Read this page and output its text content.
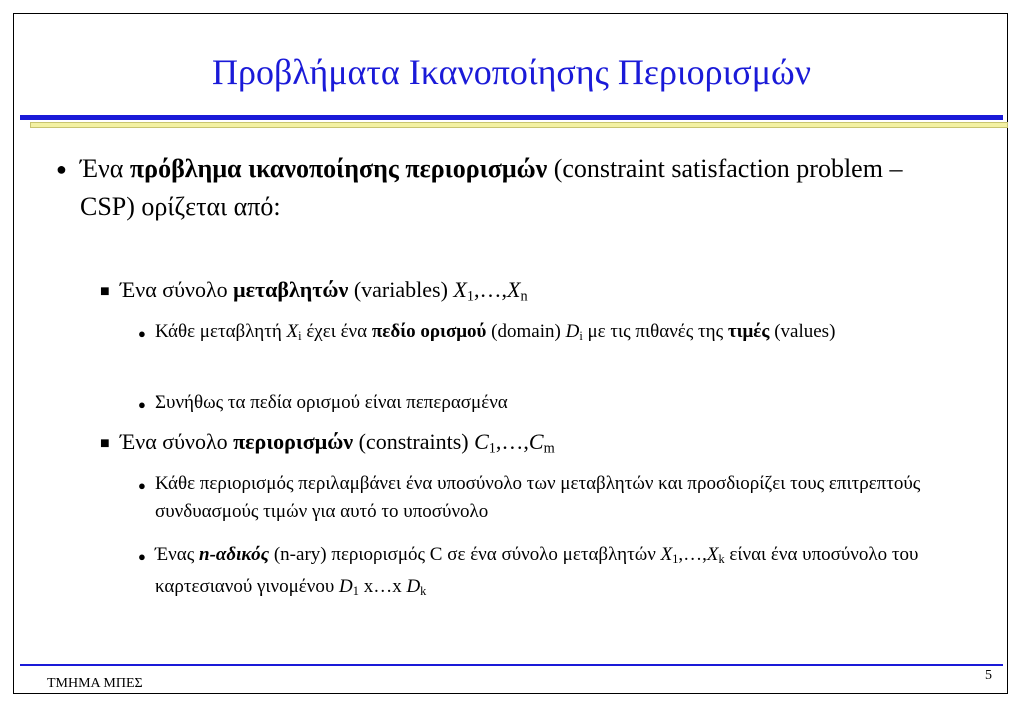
Προβλήματα Ικανοποίησης Περιορισμών
● Ένα πρόβλημα ικανοποίησης περιορισμών (constraint satisfaction problem – CSP) ορίζεται από:
■ Ένα σύνολο μεταβλητών (variables) $X_1,\dots,X_n$
● Κάθε μεταβλητή $X_i$ έχει ένα πεδίο ορισμού (domain) $D_i$ με τις πιθανές της τιμές (values)
● Συνήθως τα πεδία ορισμού είναι πεπερασμένα
■ Ένα σύνολο περιορισμών (constraints) $C_1,\dots,C_m$
● Κάθε περιορισμός περιλαμβάνει ένα υποσύνολο των μεταβλητών και προσδιορίζει τους επιτρεπτούς συνδυασμούς τιμών για αυτό το υποσύνολο
● Ένας n-αδικός (n-ary) περιορισμός C σε ένα σύνολο μεταβλητών $X_1,\dots,X_k$ είναι ένα υποσύνολο του καρτεσιανού γινομένου $D_1$ x…x $D_k$
ΤΜΗΜΑ ΜΠΕΣ
5
